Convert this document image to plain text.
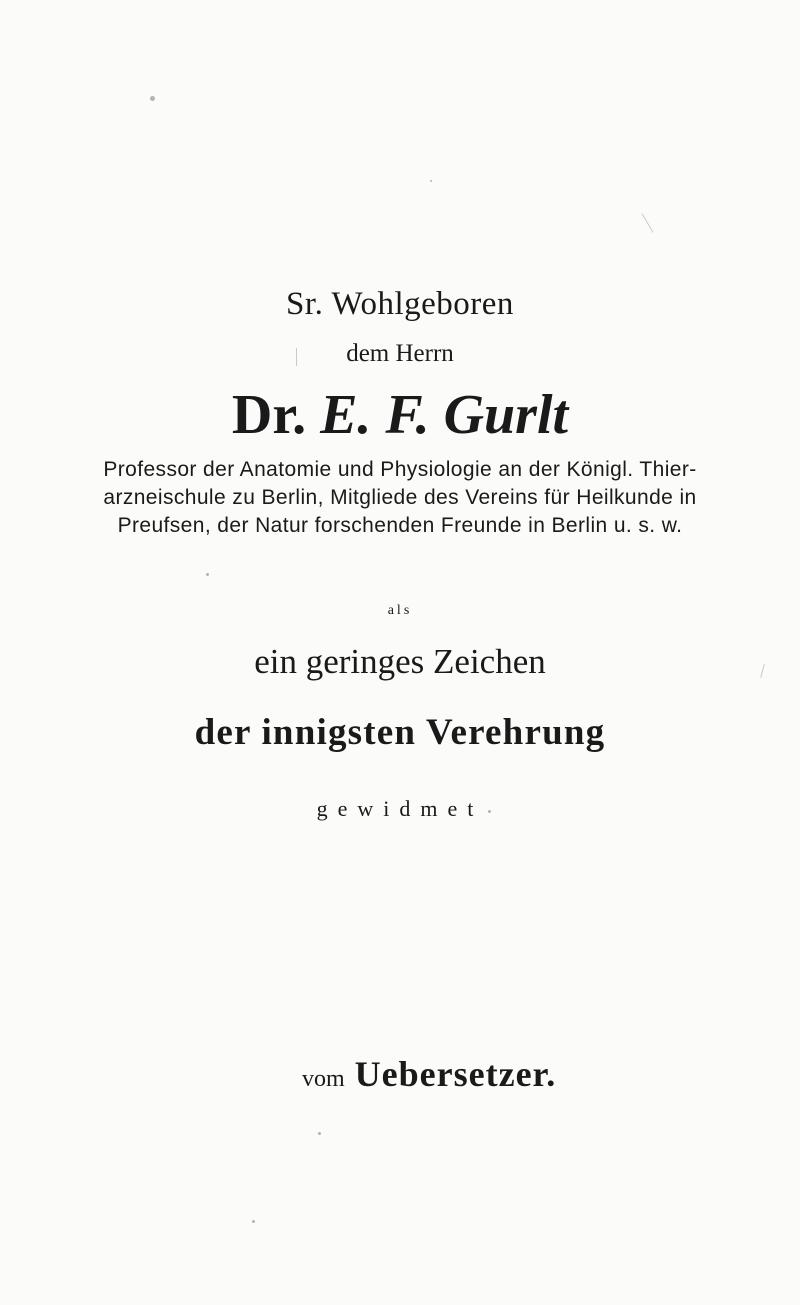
Sr. Wohlgeboren
dem Herrn
Dr. E. F. Gurlt
Professor der Anatomie und Physiologie an der Königl. Thier-
arzneischule zu Berlin, Mitgliede des Vereins für Heilkunde in
Preufsen, der Natur forschenden Freunde in Berlin u. s. w.
als
ein geringes Zeichen
der innigsten Verehrung
gewidmet
vom Uebersetzer.
